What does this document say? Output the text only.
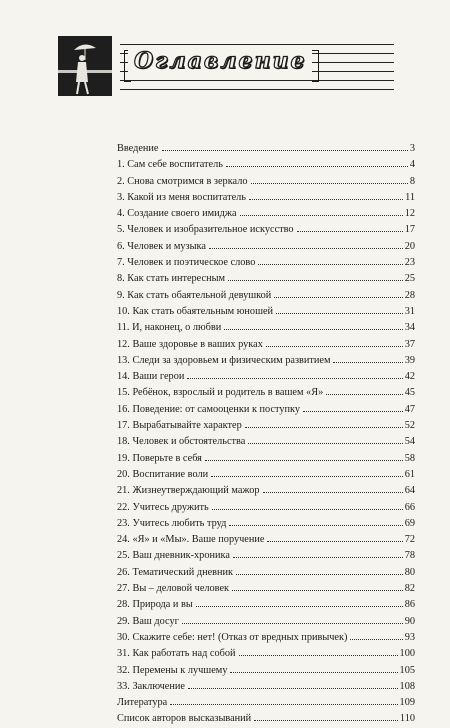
Оглавление
Введение	3
1. Сам себе воспитатель	4
2. Снова смотримся в зеркало	8
3. Какой из меня воспитатель	11
4. Создание своего имиджа	12
5. Человек и изобразительное искусство	17
6. Человек и музыка	20
7. Человек и поэтическое слово	23
8. Как стать интересным	25
9. Как стать обаятельной девушкой	28
10. Как стать обаятельным юношей	31
11. И, наконец, о любви	34
12. Ваше здоровье в ваших руках	37
13. Следи за здоровьем и физическим развитием	39
14. Ваши герои	42
15. Ребёнок, взрослый и родитель в вашем «Я»	45
16. Поведение: от самооценки к поступку	47
17. Вырабатывайте характер	52
18. Человек и обстоятельства	54
19. Поверьте в себя	58
20. Воспитание воли	61
21. Жизнеутверждающий мажор	64
22. Учитесь дружить	66
23. Учитесь любить труд	69
24. «Я» и «Мы». Ваше поручение	72
25. Ваш дневник-хроника	78
26. Тематический дневник	80
27. Вы – деловой человек	82
28. Природа и вы	86
29. Ваш досуг	90
30. Скажите себе: нет! (Отказ от вредных привычек)	93
31. Как работать над собой	100
32. Перемены к лучшему	105
33. Заключение	108
Литература	109
Список авторов высказываний	110
